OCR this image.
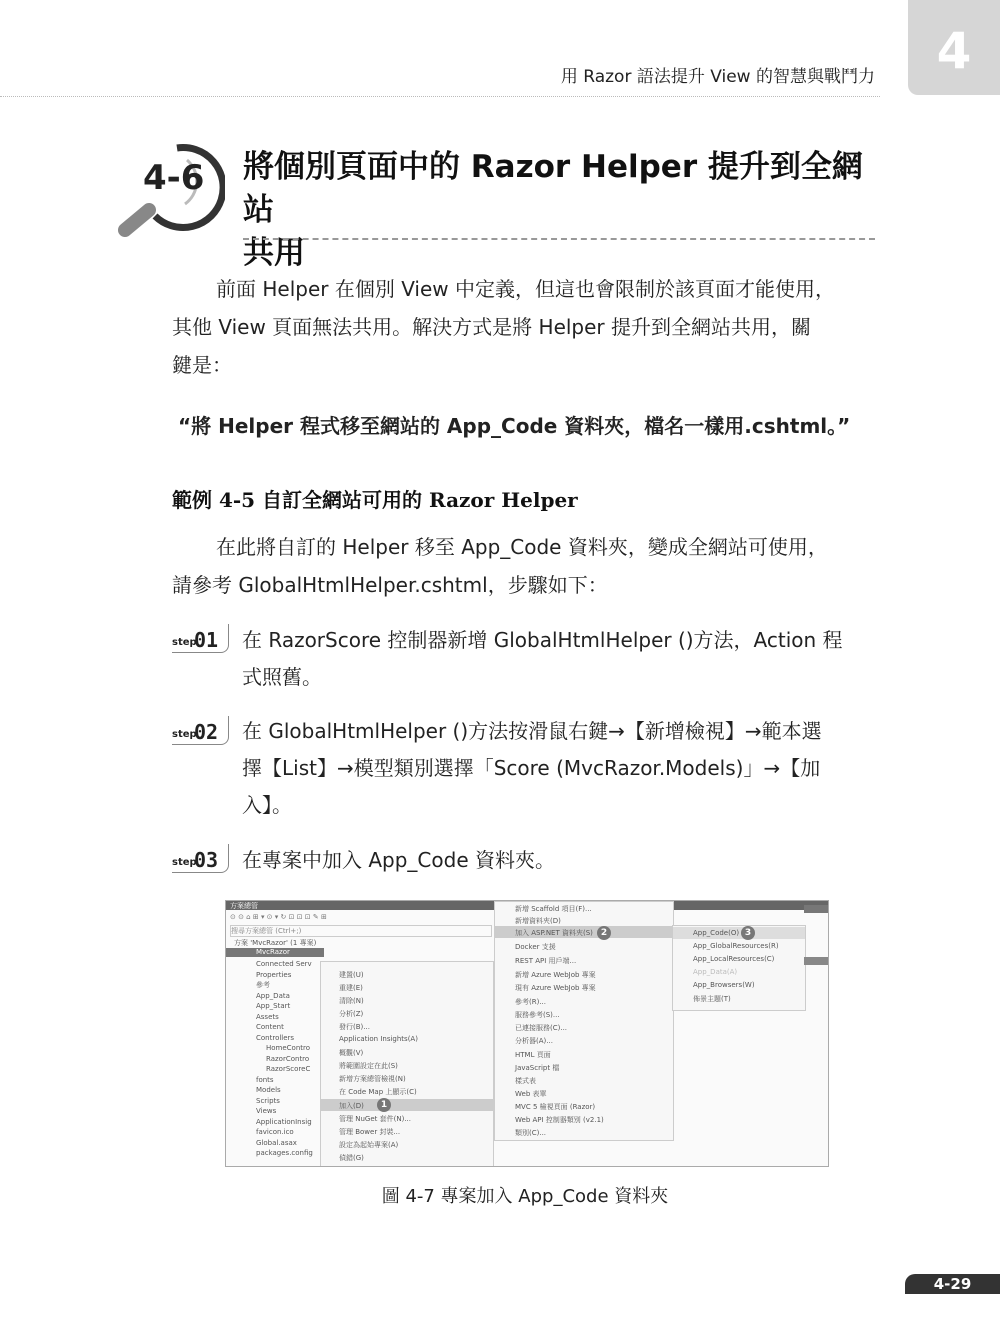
用 Razor 語法提升 View 的智慧與戰鬥力	4
4-6 將個別頁面中的 Razor Helper 提升到全網站
共用
前面 Helper 在個別 View 中定義，但這也會限制於該頁面才能使用，
其他 View 頁面無法共用。解決方式是將 Helper 提升到全網站共用，關
鍵是：
“將 Helper 程式移至網站的 App_Code 資料夾，檔名一樣用.cshtml。”
範例 4-5 自訂全網站可用的 Razor Helper
在此將自訂的 Helper 移至 App_Code 資料夾，變成全網站可使用，
請參考 GlobalHtmlHelper.cshtml，步驟如下：
step
01 在 RazorScore 控制器新增 GlobalHtmlHelper ()方法，Action 程
式照舊。
step
02 在 GlobalHtmlHelper ()方法按滑鼠右鍵→【新增檢視】→範本選
擇【List】→模型類別選擇「Score (MvcRazor.Models)」→【加
入】。
step
03 在專案中加入 App_Code 資料夾。
方案總管
⊙ ⊙ ⌂ ⊞ ▾ ⊙ ▾ ↻ ⊡ ⊡ ⊡ ✎ ⊞
搜尋方案總管 (Ctrl+;)
方案 'MvcRazor' (1 專案)
MvcRazor
Connected Serv
Properties
參考
App_Data
App_Start
Assets
Content
Controllers
HomeContro
RazorContro
RazorScoreC
fonts
Models
Scripts
Views
ApplicationInsig
favicon.ico
Global.asax
packages.config
建置(U)
重建(E)
清除(N)
分析(Z)
發行(B)...
Application Insights(A)
概觀(V)
將範圍設定在此(S)
新增方案總管檢視(N)
在 Code Map 上顯示(C)
加入(D)
管理 NuGet 套件(N)...
管理 Bower 封裝...
設定為起始專案(A)
偵錯(G)
1
新增 Scaffold 項目(F)...
新增資料夾(D)
加入 ASP.NET 資料夾(S)
Docker 支援
REST API 用戶端...
新增 Azure WebJob 專案
現有 Azure WebJob 專案
參考(R)...
服務參考(S)...
已連接服務(C)...
分析器(A)...
HTML 頁面
JavaScript 檔
樣式表
Web 表單
MVC 5 檢視頁面 (Razor)
Web API 控制器類別 (v2.1)
類別(C)...
2	App_Code(O)
App_GlobalResources(R)
App_LocalResources(C)
App_Data(A)
App_Browsers(W)
佈景主題(T)
3
圖 4-7 專案加入 App_Code 資料夾
4-29
